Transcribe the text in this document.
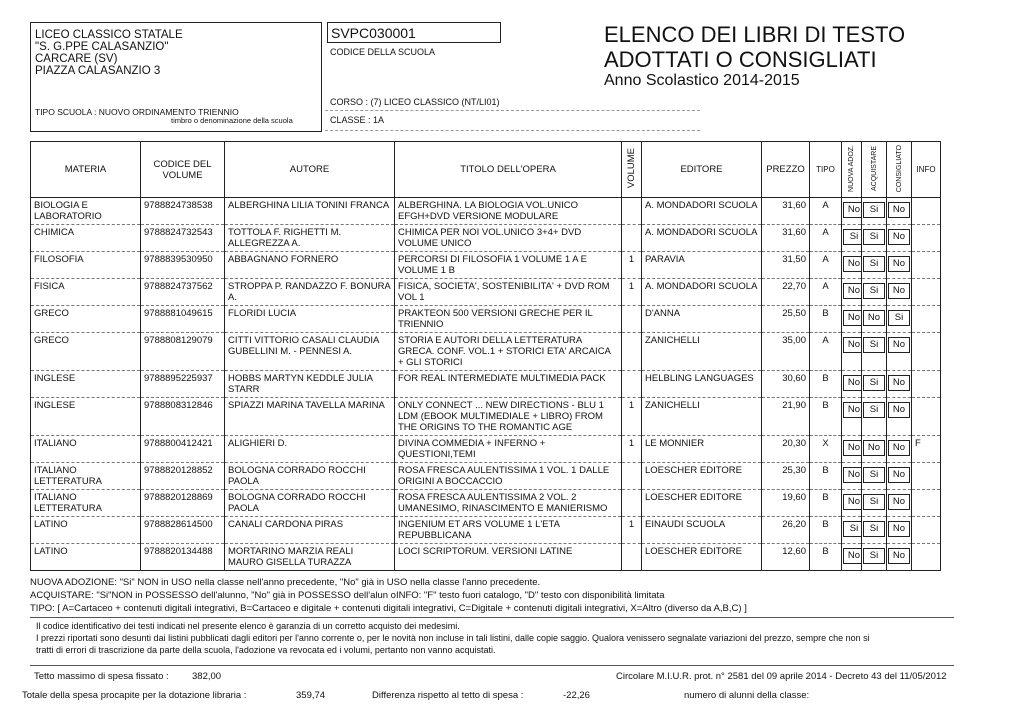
LICEO CLASSICO STATALE
"S. G.PPE CALASANZIO"
CARCARE (SV)
PIAZZA CALASANZIO 3
TIPO SCUOLA : NUOVO ORDINAMENTO TRIENNIO
timbro o denominazione della scuola
SVPC030001
CODICE DELLA SCUOLA
CORSO : (7) LICEO CLASSICO (NT/LI01)
CLASSE : 1A
ELENCO DEI LIBRI DI TESTO
ADOTTATI O CONSIGLIATI
Anno Scolastico 2014-2015
MATERIA	CODICE DEL VOLUME	AUTORE	TITOLO DELL'OPERA	VOLUME	EDITORE	PREZZO	TIPO	NUOVA ADOZ.	ACQUISTARE	CONSIGLIATO	INFO
BIOLOGIA E LABORATORIO	9788824738538	ALBERGHINA LILIA TONINI FRANCA	ALBERGHINA. LA BIOLOGIA VOL.UNICO EFGH+DVD VERSIONE MODULARE		A. MONDADORI SCUOLA	31,60	A	No	Si	No	
CHIMICA	9788824732543	TOTTOLA F. RIGHETTI M. ALLEGREZZA A.	CHIMICA PER NOI VOL.UNICO 3+4+ DVD VOLUME UNICO		A. MONDADORI SCUOLA	31,60	A	Si	Si	No	
FILOSOFIA	9788839530950	ABBAGNANO FORNERO	PERCORSI DI FILOSOFIA 1 VOLUME 1 A E VOLUME 1 B	1	PARAVIA	31,50	A	No	Si	No	
FISICA	9788824737562	STROPPA P. RANDAZZO F. BONURA A.	FISICA, SOCIETA', SOSTENIBILITA' + DVD ROM VOL 1	1	A. MONDADORI SCUOLA	22,70	A	No	Si	No	
GRECO	9788881049615	FLORIDI LUCIA	PRAKTEON 500 VERSIONI GRECHE PER IL TRIENNIO		D'ANNA	25,50	B	No	No	Si	
GRECO	9788808129079	CITTI VITTORIO CASALI CLAUDIA GUBELLINI M. - PENNESI A.	STORIA E AUTORI DELLA LETTERATURA GRECA. CONF. VOL.1 + STORICI ETA' ARCAICA + GLI STORICI		ZANICHELLI	35,00	A	No	Si	No	
INGLESE	9788895225937	HOBBS MARTYN KEDDLE JULIA STARR	FOR REAL INTERMEDIATE MULTIMEDIA PACK		HELBLING LANGUAGES	30,60	B	No	Si	No	
INGLESE	9788808312846	SPIAZZI MARINA TAVELLA MARINA	ONLY CONNECT ... NEW DIRECTIONS - BLU 1 LDM (EBOOK MULTIMEDIALE + LIBRO) FROM THE ORIGINS TO THE ROMANTIC AGE	1	ZANICHELLI	21,90	B	No	Si	No	
ITALIANO	9788800412421	ALIGHIERI D.	DIVINA COMMEDIA + INFERNO + QUESTIONI,TEMI	1	LE MONNIER	20,30	X	No	No	No	F
ITALIANO LETTERATURA	9788820128852	BOLOGNA CORRADO ROCCHI PAOLA	ROSA FRESCA AULENTISSIMA 1 VOL. 1 DALLE ORIGINI A BOCCACCIO		LOESCHER EDITORE	25,30	B	No	Si	No	
ITALIANO LETTERATURA	9788820128869	BOLOGNA CORRADO ROCCHI PAOLA	ROSA FRESCA AULENTISSIMA 2 VOL. 2 UMANESIMO, RINASCIMENTO E MANIERISMO		LOESCHER EDITORE	19,60	B	No	Si	No	
LATINO	9788828614500	CANALI CARDONA PIRAS	INGENIUM ET ARS VOLUME 1 L'ETA REPUBBLICANA	1	EINAUDI SCUOLA	26,20	B	Si	Si	No	
LATINO	9788820134488	MORTARINO MARZIA REALI MAURO GISELLA TURAZZA	LOCI SCRIPTORUM. VERSIONI LATINE		LOESCHER EDITORE	12,60	B	No	Si	No	
NUOVA ADOZIONE: "Si" NON in USO nella classe nell'anno precedente, "No" già in USO nella classe l'anno precedente.
ACQUISTARE: "Si"NON in POSSESSO dell'alunno, "No" già in POSSESSO dell'alun oINFO: "F" testo fuori catalogo, "D" testo con disponibilità limitata
TIPO: [ A=Cartaceo + contenuti digitali integrativi, B=Cartaceo e digitale + contenuti digitali integrativi, C=Digitale + contenuti digitali integrativi, X=Altro (diverso da A,B,C) ]
Il codice identificativo dei testi indicati nel presente elenco è garanzia di un corretto acquisto dei medesimi.
I prezzi riportati sono desunti dai listini pubblicati dagli editori per l'anno corrente o, per le novità non incluse in tali listini, dalle copie saggio. Qualora venissero segnalate variazioni del prezzo, sempre che non si
tratti di errori di trascrizione da parte della scuola, l'adozione va revocata ed i volumi, pertanto non vanno acquistati.
Tetto massimo di spesa fissato : 382,00	Circolare M.I.U.R. prot. n° 2581 del 09 aprile 2014 - Decreto 43 del 11/05/2012
Totale della spesa procapite per la dotazione libraria :	359,74	Differenza rispetto al tetto di spesa :	-22,26	numero di alunni della classe:
